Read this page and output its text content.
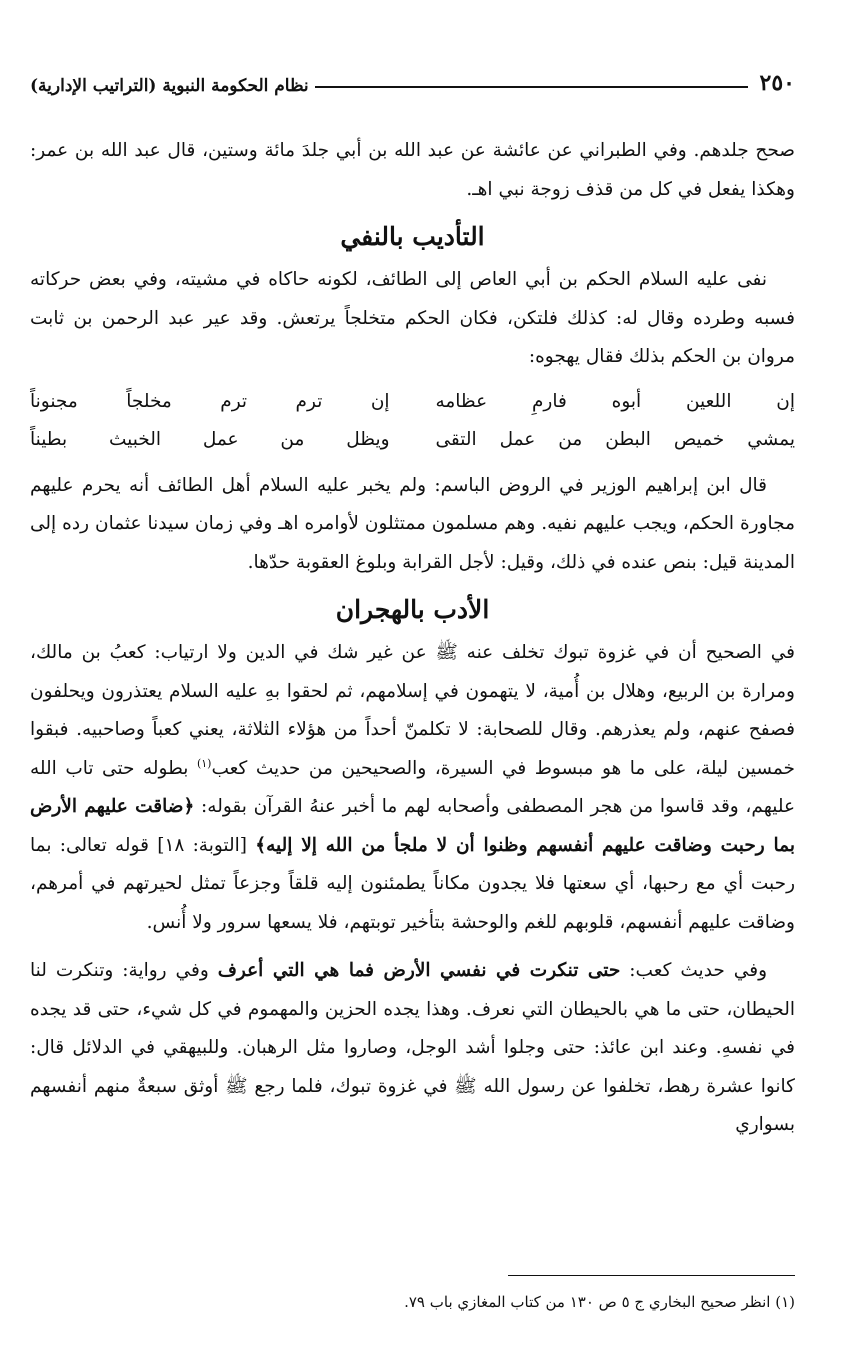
٢٥٠
نظام الحكومة النبوية (التراتيب الإدارية)

صحح جلدهم. وفي الطبراني عن عائشة عن عبد الله بن أبي جلدَ مائة وستين، قال عبد الله بن عمر: وهكذا يفعل في كل من قذف زوجة نبي اهـ.

التأديب بالنفي

نفى عليه السلام الحكم بن أبي العاص إلى الطائف، لكونه حاكاه في مشيته، وفي بعض حركاته فسبه وطرده وقال له: كذلك فلتكن، فكان الحكم متخلجاً يرتعش. وقد عير عبد الرحمن بن ثابت مروان بن الحكم بذلك فقال يهجوه:

إن اللعين أبوه فارمِ عظامه
إن ترم ترم مخلجاً مجنوناً
يمشي خميص البطن من عمل التقى
ويظل من عمل الخبيث بطيناً

قال ابن إبراهيم الوزير في الروض الباسم: ولم يخبر عليه السلام أهل الطائف أنه يحرم عليهم مجاورة الحكم، ويجب عليهم نفيه. وهم مسلمون ممتثلون لأوامره اهـ وفي زمان سيدنا عثمان رده إلى المدينة قيل: بنص عنده في ذلك، وقيل: لأجل القرابة وبلوغ العقوبة حدّها.

الأدب بالهجران

في الصحيح أن في غزوة تبوك تخلف عنه ﷺ عن غير شك في الدين ولا ارتياب: كعبُ بن مالك، ومرارة بن الربيع، وهلال بن أُمية، لا يتهمون في إسلامهم، ثم لحقوا بهِ عليه السلام يعتذرون ويحلفون فصفح عنهم، ولم يعذرهم. وقال للصحابة: لا تكلمنّ أحداً من هؤلاء الثلاثة، يعني كعباً وصاحبيه. فبقوا خمسين ليلة، على ما هو مبسوط في السيرة، والصحيحين من حديث كعب$^{(١)}$ بطوله حتى تاب الله عليهم، وقد قاسوا من هجر المصطفى وأصحابه لهم ما أخبر عنهُ القرآن بقوله: ﴿ضاقت عليهم الأرض بما رحبت وضاقت عليهم أنفسهم وظنوا أن لا ملجأ من الله إلا إليه﴾ [التوبة: ١٨] قوله تعالى: بما رحبت أي مع رحبها، أي سعتها فلا يجدون مكاناً يطمئنون إليه قلقاً وجزعاً تمثل لحيرتهم في أمرهم، وضاقت عليهم أنفسهم، قلوبهم للغم والوحشة بتأخير توبتهم، فلا يسعها سرور ولا أُنس.

وفي حديث كعب: حتى تنكرت في نفسي الأرض فما هي التي أعرف وفي رواية: وتنكرت لنا الحيطان، حتى ما هي بالحيطان التي نعرف. وهذا يجده الحزين والمهموم في كل شيء، حتى قد يجده في نفسهِ. وعند ابن عائذ: حتى وجلوا أشد الوجل، وصاروا مثل الرهبان. وللبيهقي في الدلائل قال: كانوا عشرة رهط، تخلفوا عن رسول الله ﷺ في غزوة تبوك، فلما رجع ﷺ أوثق سبعةٌ منهم أنفسهم بسواري

(١) انظر صحيح البخاري ج ٥ ص ١٣٠ من كتاب المغازي باب ٧٩.
